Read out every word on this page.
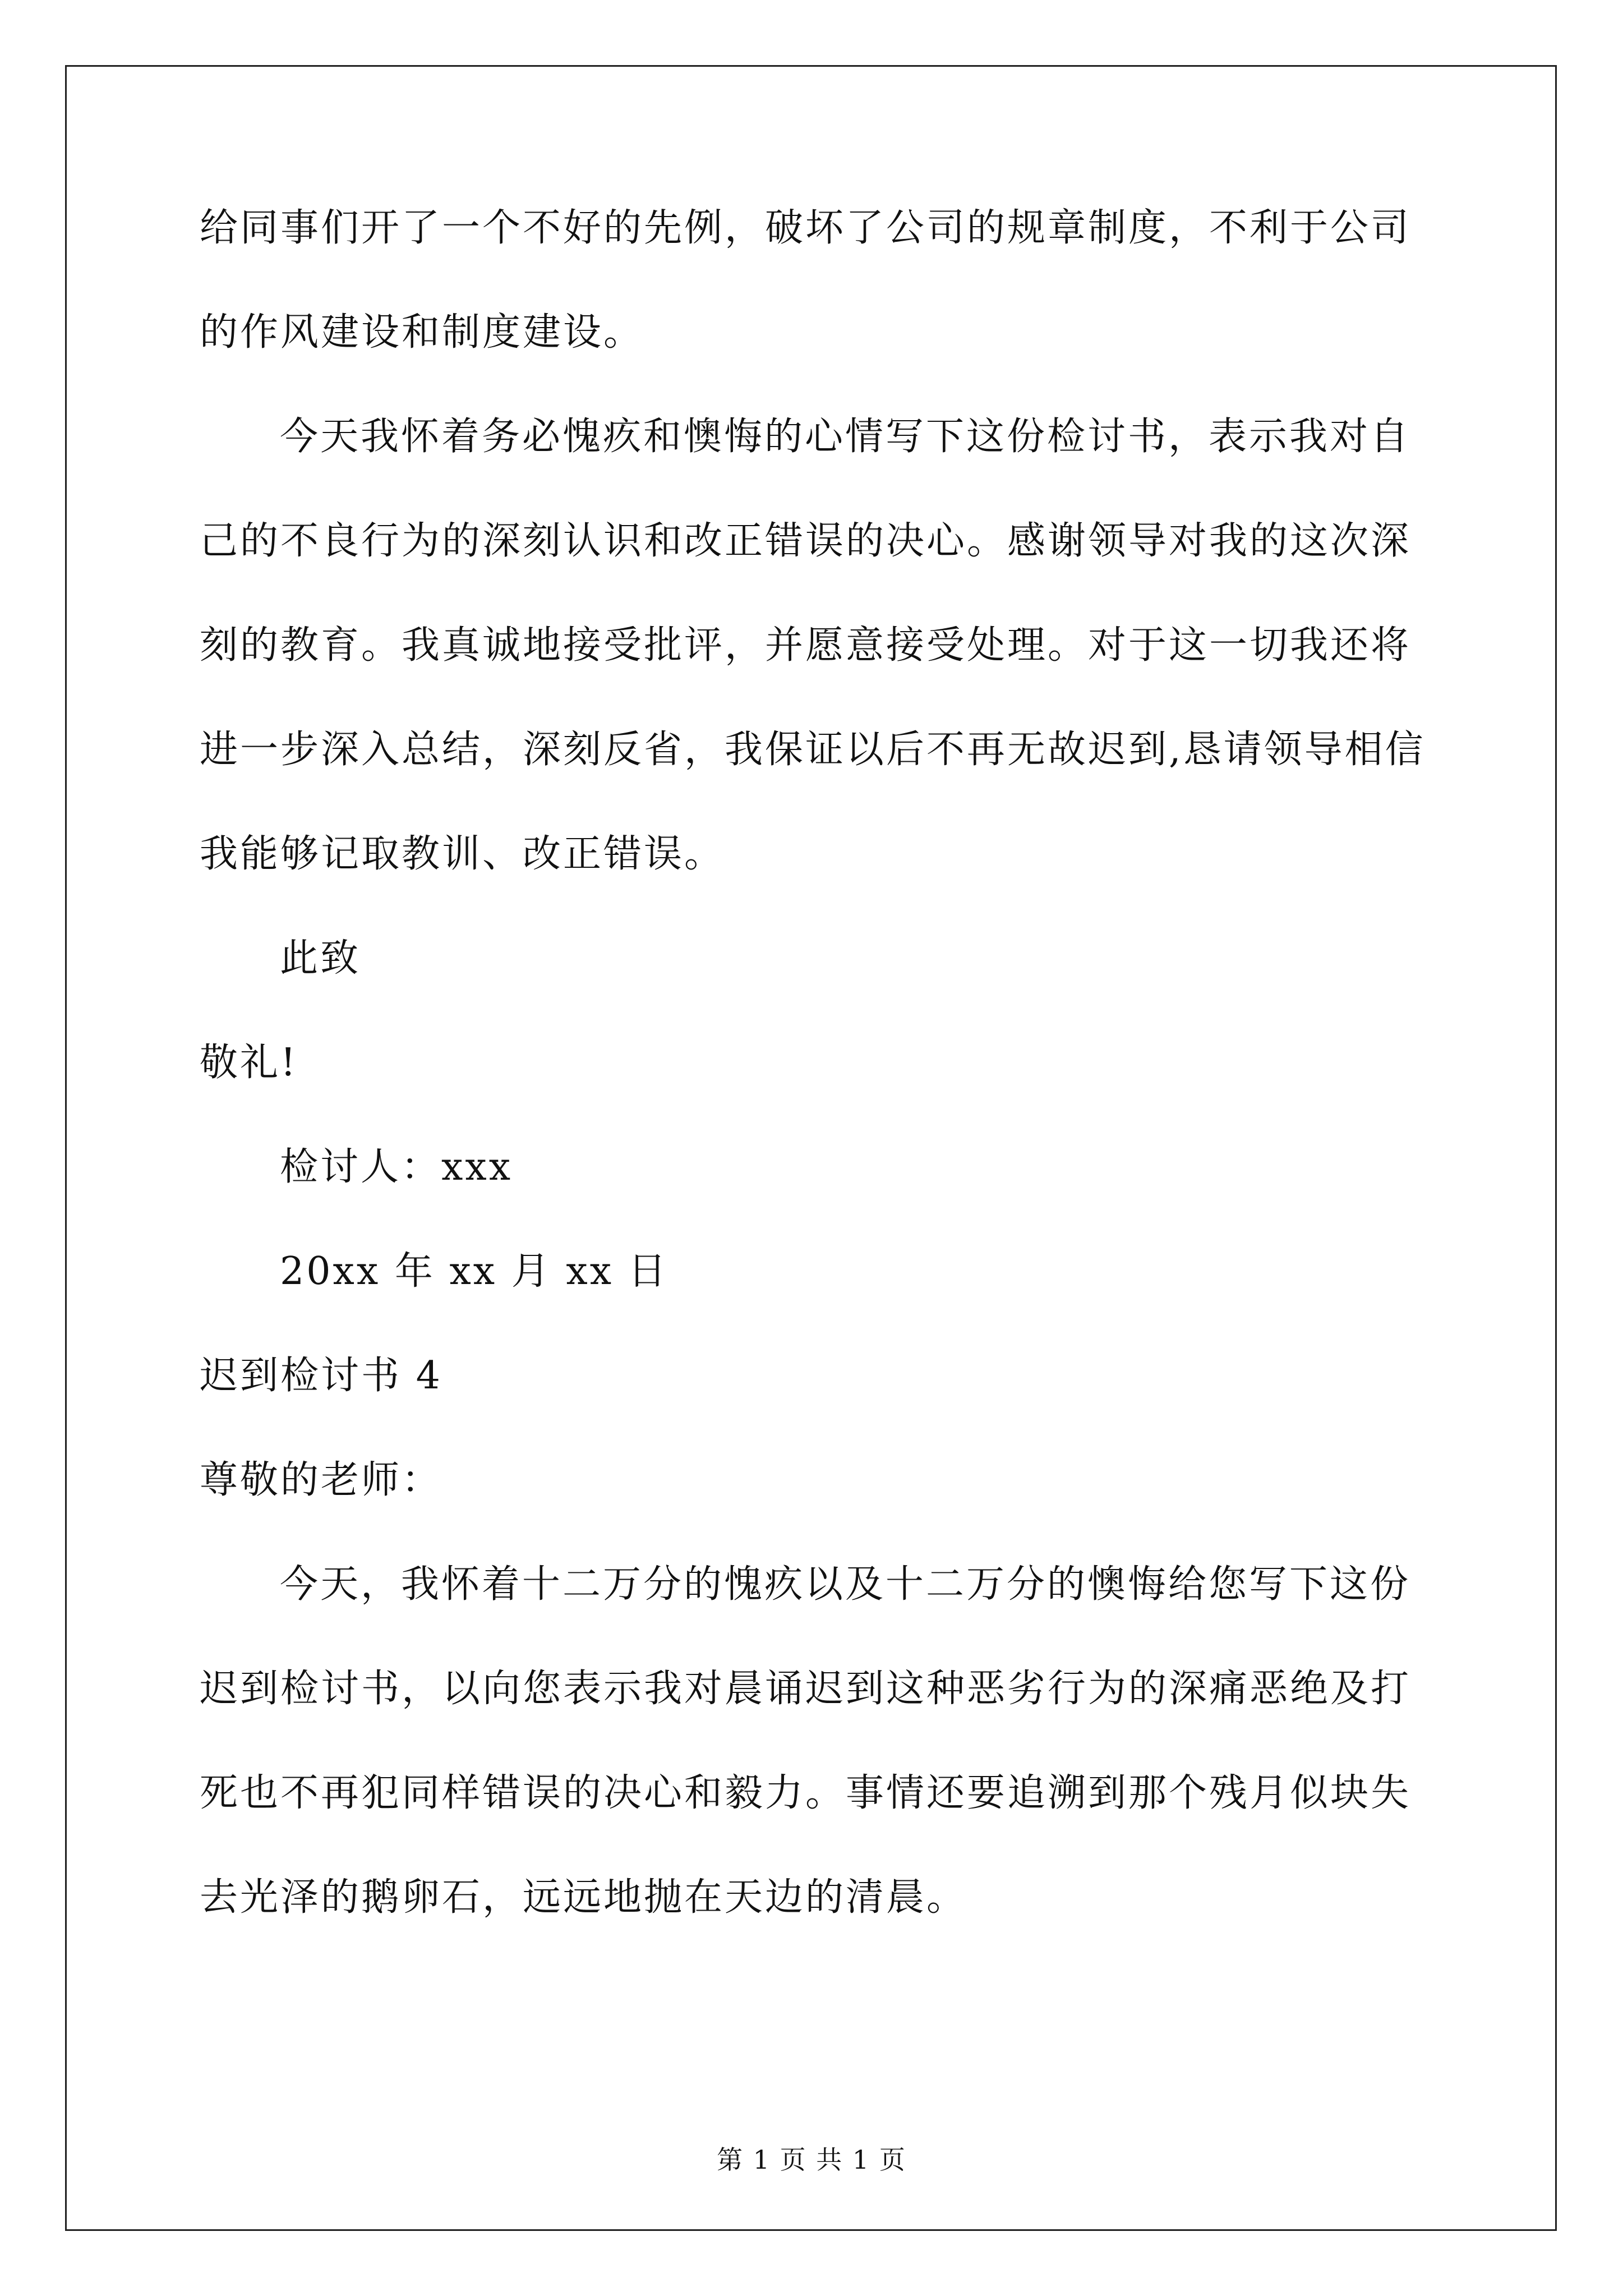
给同事们开了一个不好的先例，破坏了公司的规章制度，不利于公司

的作风建设和制度建设。

今天我怀着务必愧疚和懊悔的心情写下这份检讨书，表示我对自

己的不良行为的深刻认识和改正错误的决心。感谢领导对我的这次深

刻的教育。我真诚地接受批评，并愿意接受处理。对于这一切我还将

进一步深入总结，深刻反省，我保证以后不再无故迟到,恳请领导相信

我能够记取教训、改正错误。

此致

敬礼!

检讨人：xxx

20xx 年 xx 月 xx 日

迟到检讨书 4

尊敬的老师：

今天，我怀着十二万分的愧疚以及十二万分的懊悔给您写下这份

迟到检讨书，以向您表示我对晨诵迟到这种恶劣行为的深痛恶绝及打

死也不再犯同样错误的决心和毅力。事情还要追溯到那个残月似块失

去光泽的鹅卵石，远远地抛在天边的清晨。

第 1 页 共 1 页
